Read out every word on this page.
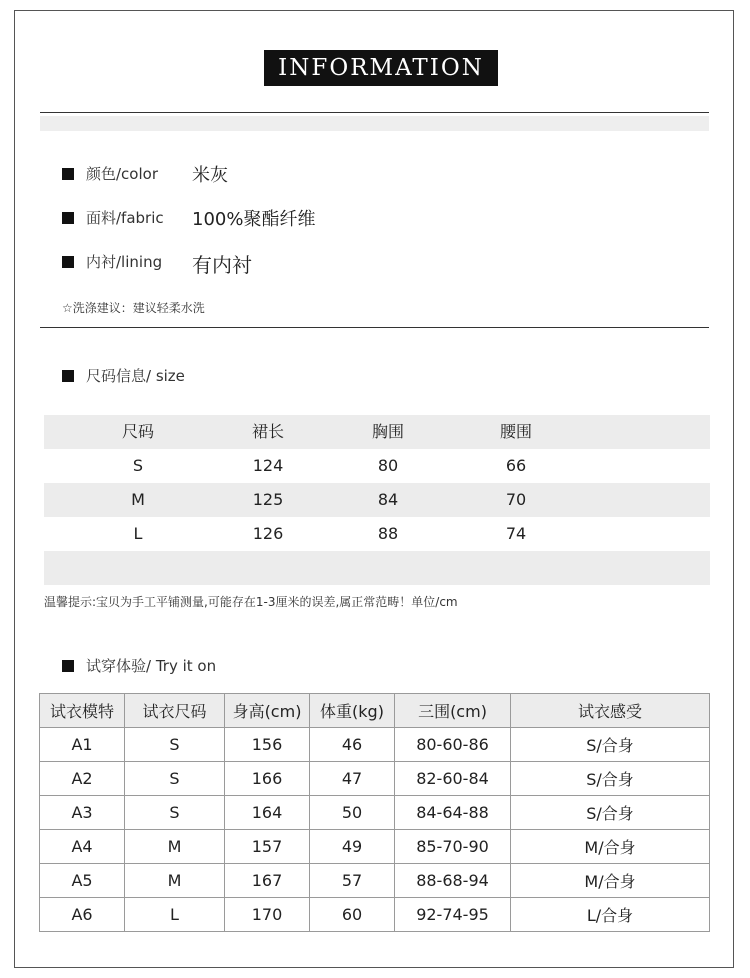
INFORMATION
颜色/color 米灰
面料/fabric 100%聚酯纤维
内衬/lining 有内衬
☆洗涤建议：建议轻柔水洗
尺码信息/ size
尺码	裙长	胸围	腰围
S	124	80	66
M	125	84	70
L	126	88	74
温馨提示:宝贝为手工平铺测量,可能存在1-3厘米的误差,属正常范畴！单位/cm
试穿体验/ Try it on
试衣模特	试衣尺码	身高(cm)	体重(kg)	三围(cm)	试衣感受
A1	S	156	46	80-60-86	S/合身
A2	S	166	47	82-60-84	S/合身
A3	S	164	50	84-64-88	S/合身
A4	M	157	49	85-70-90	M/合身
A5	M	167	57	88-68-94	M/合身
A6	L	170	60	92-74-95	L/合身
